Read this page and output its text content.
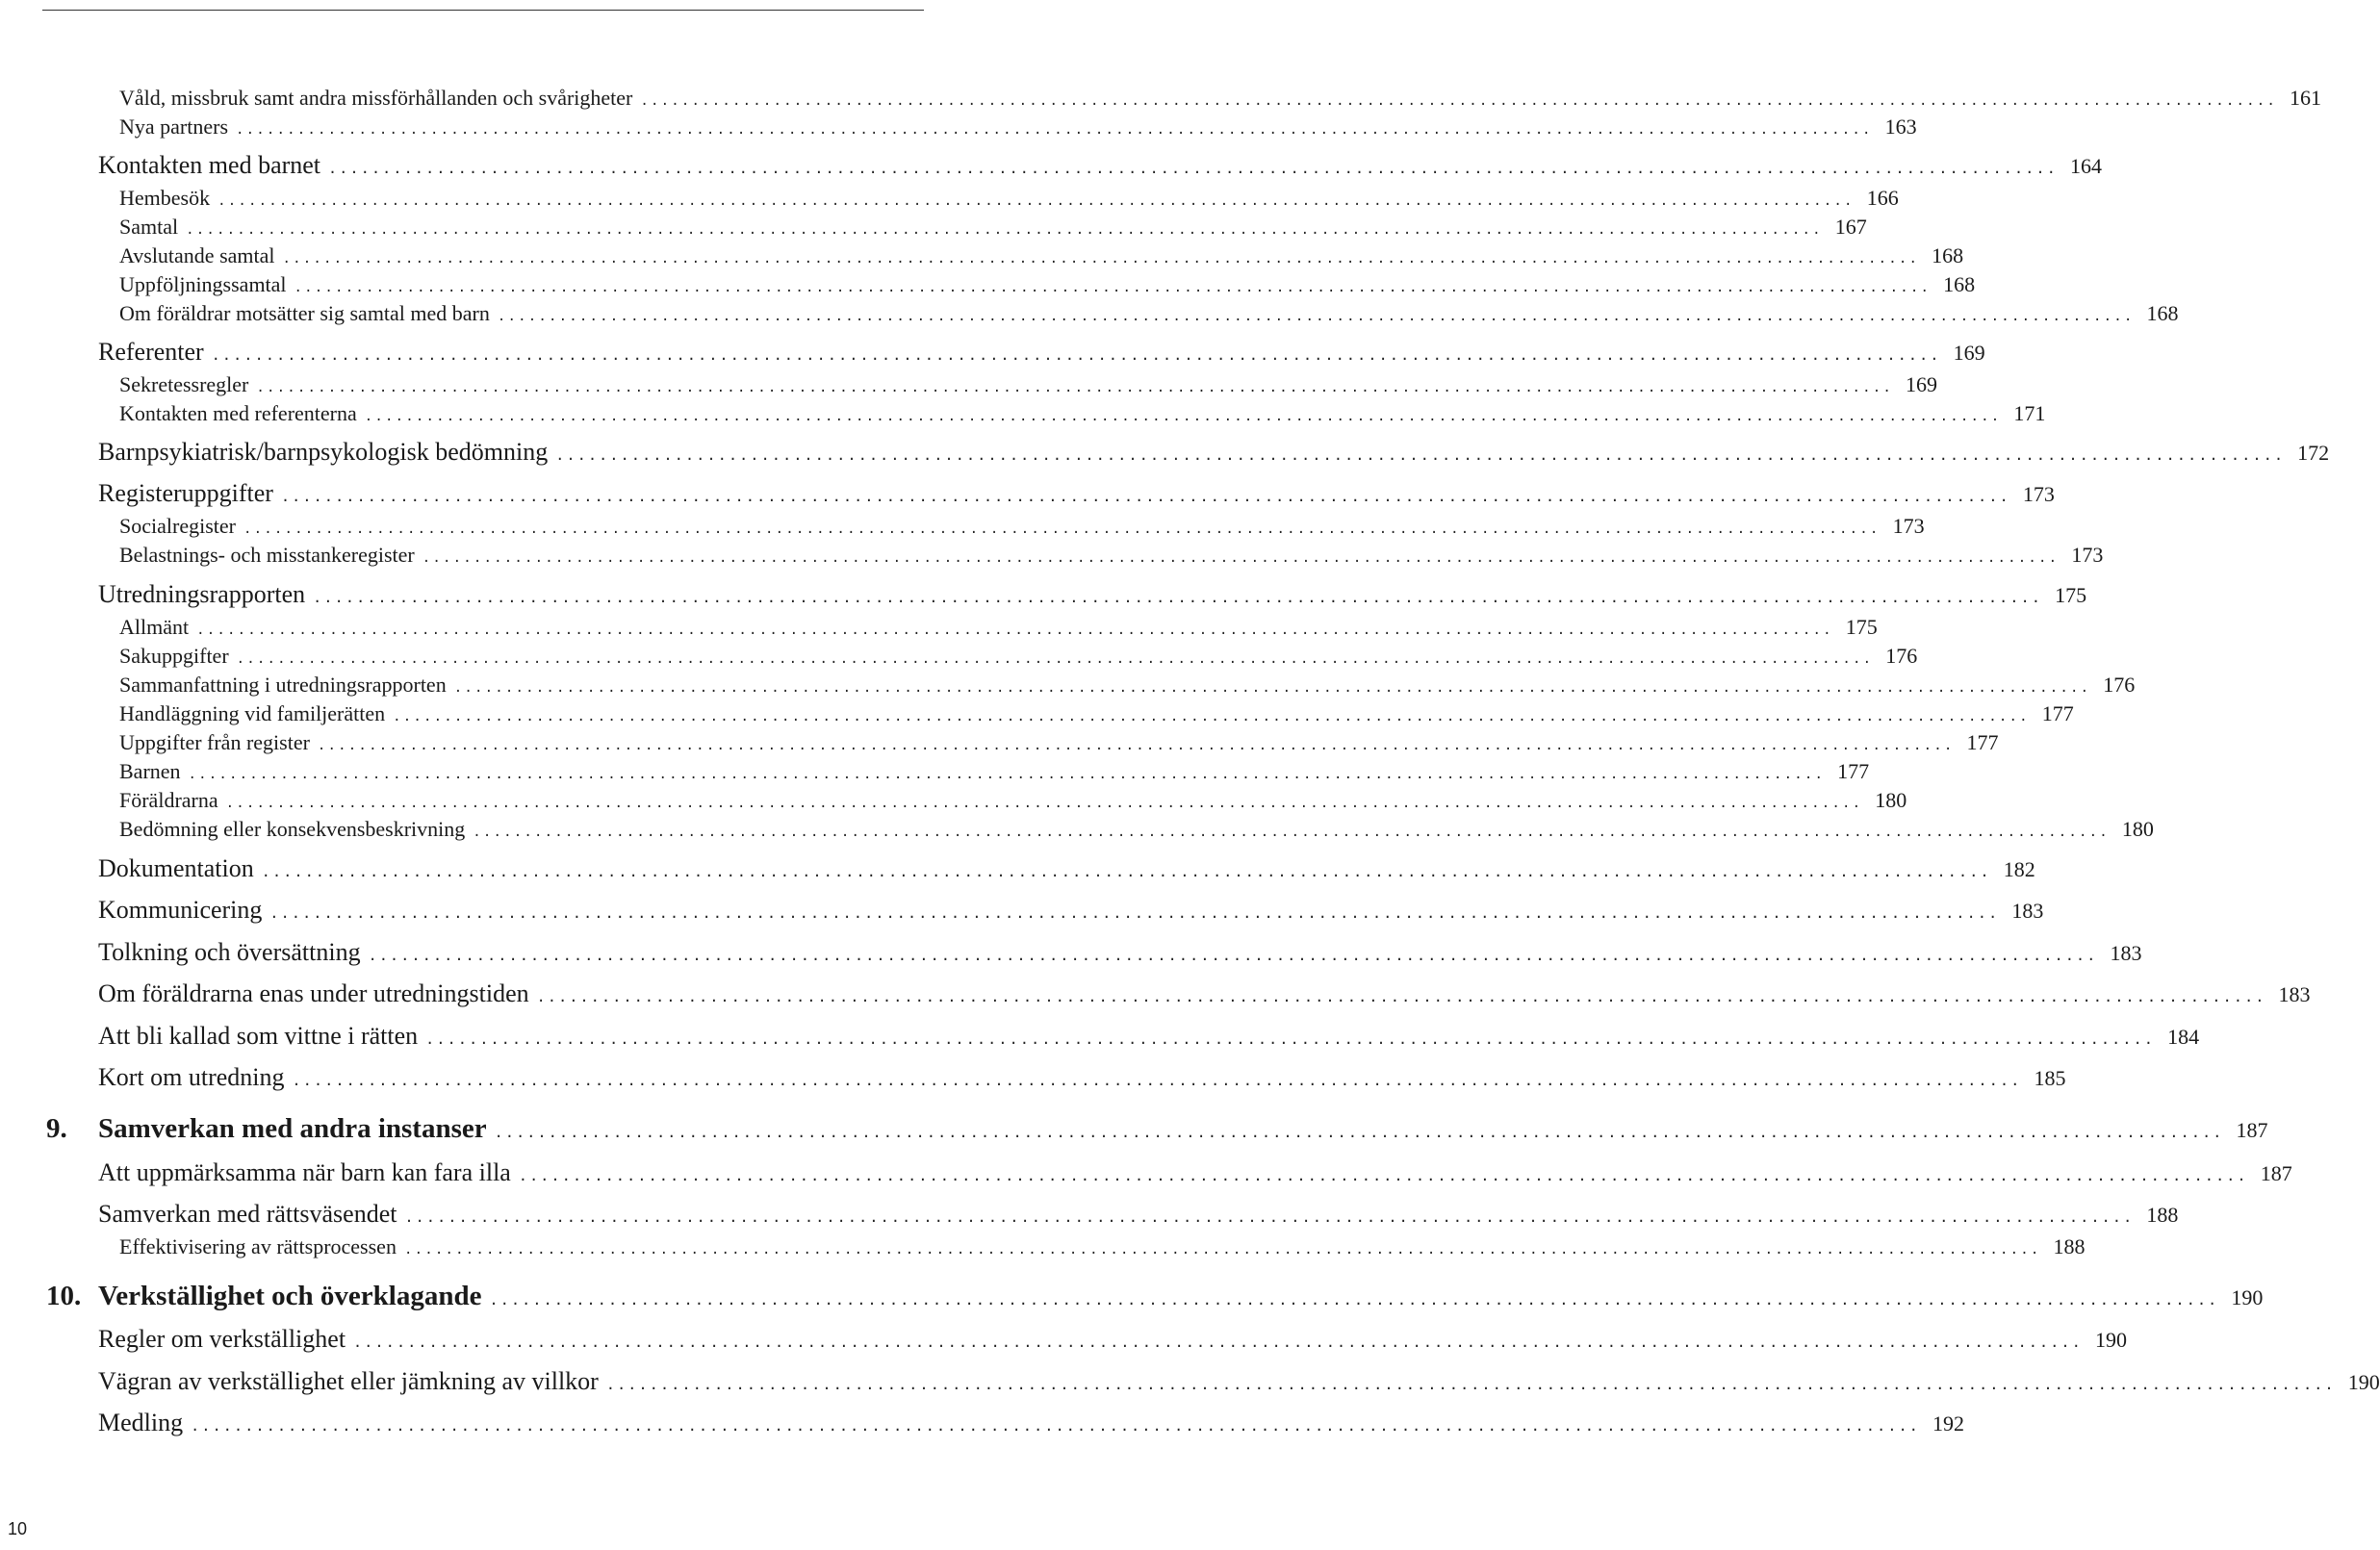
Våld, missbruk samt andra missförhållanden och svårigheter ................................................................................................................................................................ 161
Nya partners ................................................................................................................................................................ 163
Kontakten med barnet ................................................................................................................................................................ 164
Hembesök ................................................................................................................................................................ 166
Samtal ................................................................................................................................................................ 167
Avslutande samtal ................................................................................................................................................................ 168
Uppföljningssamtal ................................................................................................................................................................ 168
Om föräldrar motsätter sig samtal med barn ................................................................................................................................................................ 168
Referenter ................................................................................................................................................................ 169
Sekretessregler ................................................................................................................................................................ 169
Kontakten med referenterna ................................................................................................................................................................ 171
Barnpsykiatrisk/barnpsykologisk bedömning ................................................................................................................................................................ 172
Registeruppgifter ................................................................................................................................................................ 173
Socialregister ................................................................................................................................................................ 173
Belastnings- och misstankeregister ................................................................................................................................................................ 173
Utredningsrapporten ................................................................................................................................................................ 175
Allmänt ................................................................................................................................................................ 175
Sakuppgifter ................................................................................................................................................................ 176
Sammanfattning i utredningsrapporten ................................................................................................................................................................ 176
Handläggning vid familjerätten ................................................................................................................................................................ 177
Uppgifter från register ................................................................................................................................................................ 177
Barnen ................................................................................................................................................................ 177
Föräldrarna ................................................................................................................................................................ 180
Bedömning eller konsekvensbeskrivning ................................................................................................................................................................ 180
Dokumentation ................................................................................................................................................................ 182
Kommunicering ................................................................................................................................................................ 183
Tolkning och översättning ................................................................................................................................................................ 183
Om föräldrarna enas under utredningstiden ................................................................................................................................................................ 183
Att bli kallad som vittne i rätten ................................................................................................................................................................ 184
Kort om utredning ................................................................................................................................................................ 185
9. Samverkan med andra instanser ................................................................................................................................................................ 187
Att uppmärksamma när barn kan fara illa ................................................................................................................................................................ 187
Samverkan med rättsväsendet ................................................................................................................................................................ 188
Effektivisering av rättsprocessen ................................................................................................................................................................ 188
10. Verkställighet och överklagande ................................................................................................................................................................ 190
Regler om verkställighet ................................................................................................................................................................ 190
Vägran av verkställighet eller jämkning av villkor ................................................................................................................................................................ 190
Medling ................................................................................................................................................................ 192
10
